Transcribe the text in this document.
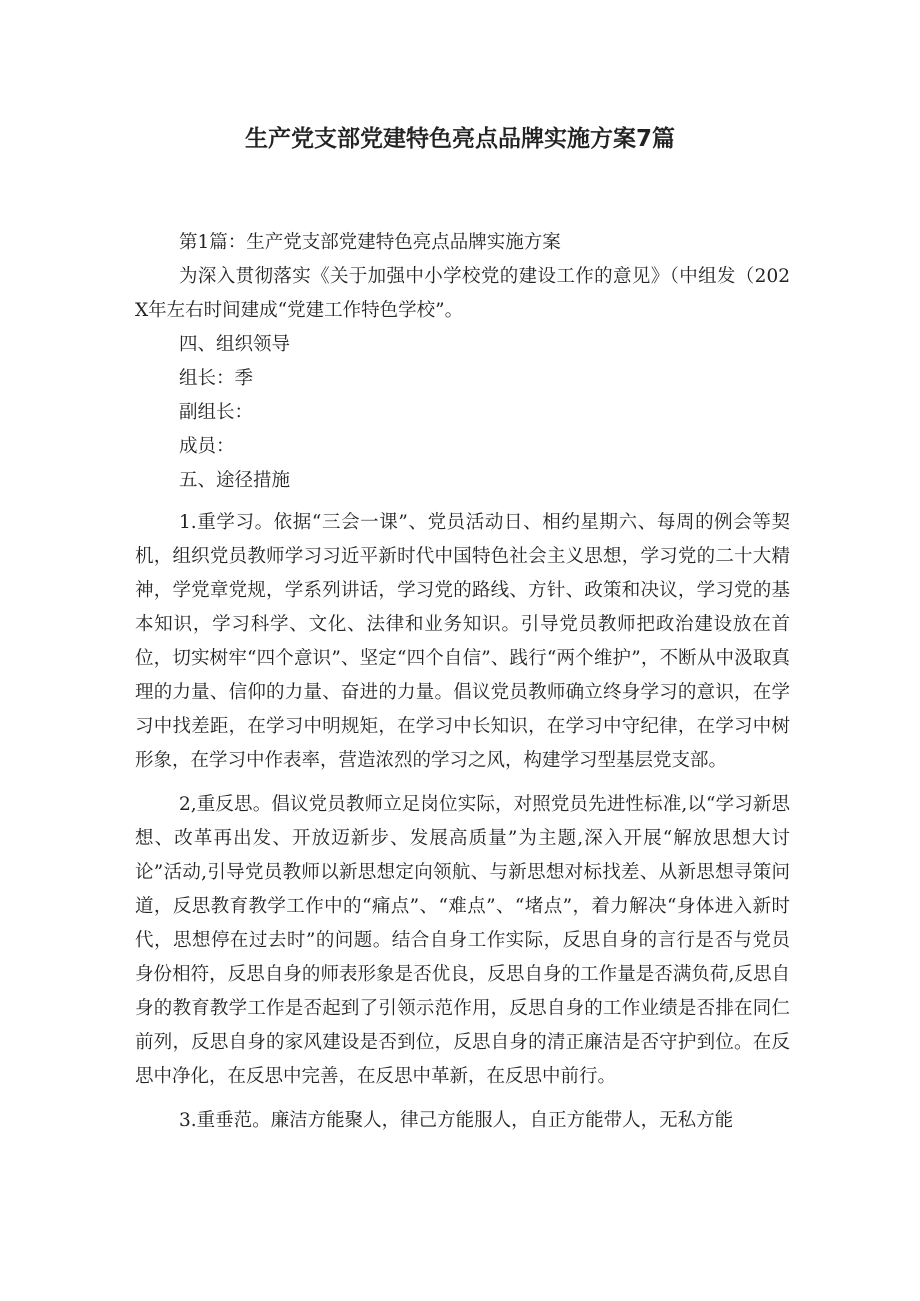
生产党支部党建特色亮点品牌实施方案7篇

第1篇：生产党支部党建特色亮点品牌实施方案

为深入贯彻落实《关于加强中小学校党的建设工作的意见》（中组发（202X年左右时间建成“党建工作特色学校”。

四、组织领导

组长：季

副组长：

成员：

五、途径措施

1.重学习。依据“三会一课”、党员活动日、相约星期六、每周的例会等契机，组织党员教师学习习近平新时代中国特色社会主义思想，学习党的二十大精神，学党章党规，学系列讲话，学习党的路线、方针、政策和决议，学习党的基本知识，学习科学、文化、法律和业务知识。引导党员教师把政治建设放在首位，切实树牢“四个意识”、坚定“四个自信”、践行“两个维护”，不断从中汲取真理的力量、信仰的力量、奋进的力量。倡议党员教师确立终身学习的意识，在学习中找差距，在学习中明规矩，在学习中长知识，在学习中守纪律，在学习中树形象，在学习中作表率，营造浓烈的学习之风，构建学习型基层党支部。

2,重反思。倡议党员教师立足岗位实际，对照党员先进性标准,以“学习新思想、改革再出发、开放迈新步、发展高质量”为主题,深入开展“解放思想大讨论”活动,引导党员教师以新思想定向领航、与新思想对标找差、从新思想寻策问道，反思教育教学工作中的“痛点”、“难点”、“堵点”，着力解决“身体进入新时代，思想停在过去时”的问题。结合自身工作实际，反思自身的言行是否与党员身份相符，反思自身的师表形象是否优良，反思自身的工作量是否满负荷,反思自身的教育教学工作是否起到了引领示范作用，反思自身的工作业绩是否排在同仁前列，反思自身的家风建设是否到位，反思自身的清正廉洁是否守护到位。在反思中净化，在反思中完善，在反思中革新，在反思中前行。

3.重垂范。廉洁方能聚人，律己方能服人，自正方能带人，无私方能
